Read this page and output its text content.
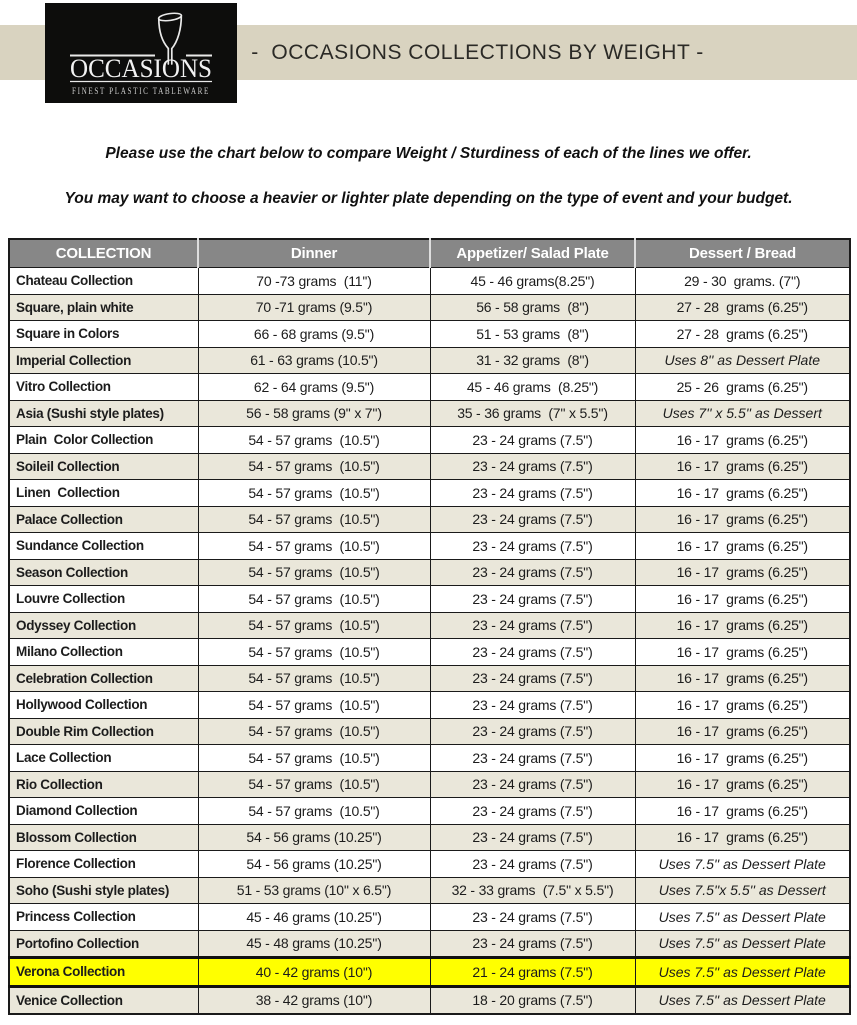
-  OCCASIONS COLLECTIONS BY WEIGHT -
OCCASIONS
FINEST PLASTIC TABLEWARE
Please use the chart below to compare Weight / Sturdiness of each of the lines we offer.
You may want to choose a heavier or lighter plate depending on the type of event and your budget.
COLLECTION	Dinner	Appetizer/ Salad Plate	Dessert / Bread
Chateau Collection	70 -73 grams  (11'')	45 - 46 grams(8.25")	29 - 30  grams. (7'')
Square, plain white	70 -71 grams (9.5'')	56 - 58 grams  (8'')	27 - 28  grams (6.25")
Square in Colors	66 - 68 grams (9.5'')	51 - 53 grams  (8'')	27 - 28  grams (6.25")
Imperial Collection	61 - 63 grams (10.5")	31 - 32 grams  (8'')	Uses 8'' as Dessert Plate
Vitro Collection	62 - 64 grams (9.5'')	45 - 46 grams  (8.25")	25 - 26  grams (6.25")
Asia (Sushi style plates)	56 - 58 grams (9'' x 7'')	35 - 36 grams  (7'' x 5.5'')	Uses 7'' x 5.5'' as Dessert
Plain  Color Collection	54 - 57 grams  (10.5")	23 - 24 grams (7.5'')	16 - 17  grams (6.25")
Soileil Collection	54 - 57 grams  (10.5")	23 - 24 grams (7.5'')	16 - 17  grams (6.25")
Linen  Collection	54 - 57 grams  (10.5")	23 - 24 grams (7.5'')	16 - 17  grams (6.25")
Palace Collection	54 - 57 grams  (10.5")	23 - 24 grams (7.5'')	16 - 17  grams (6.25")
Sundance Collection	54 - 57 grams  (10.5")	23 - 24 grams (7.5'')	16 - 17  grams (6.25")
Season Collection	54 - 57 grams  (10.5")	23 - 24 grams (7.5'')	16 - 17  grams (6.25")
Louvre Collection	54 - 57 grams  (10.5")	23 - 24 grams (7.5'')	16 - 17  grams (6.25")
Odyssey Collection	54 - 57 grams  (10.5")	23 - 24 grams (7.5'')	16 - 17  grams (6.25")
Milano Collection	54 - 57 grams  (10.5")	23 - 24 grams (7.5'')	16 - 17  grams (6.25")
Celebration Collection	54 - 57 grams  (10.5")	23 - 24 grams (7.5'')	16 - 17  grams (6.25")
Hollywood Collection	54 - 57 grams  (10.5")	23 - 24 grams (7.5'')	16 - 17  grams (6.25")
Double Rim Collection	54 - 57 grams  (10.5")	23 - 24 grams (7.5'')	16 - 17  grams (6.25")
Lace Collection	54 - 57 grams  (10.5")	23 - 24 grams (7.5'')	16 - 17  grams (6.25")
Rio Collection	54 - 57 grams  (10.5")	23 - 24 grams (7.5'')	16 - 17  grams (6.25")
Diamond Collection	54 - 57 grams  (10.5")	23 - 24 grams (7.5'')	16 - 17  grams (6.25")
Blossom Collection	54 - 56 grams (10.25")	23 - 24 grams (7.5'')	16 - 17  grams (6.25")
Florence Collection	54 - 56 grams (10.25")	23 - 24 grams (7.5'')	Uses 7.5'' as Dessert Plate
Soho (Sushi style plates)	51 - 53 grams (10'' x 6.5'')	32 - 33 grams  (7.5'' x 5.5'')	Uses 7.5''x 5.5'' as Dessert
Princess Collection	45 - 46 grams (10.25'')	23 - 24 grams (7.5'')	Uses 7.5'' as Dessert Plate
Portofino Collection	45 - 48 grams (10.25'')	23 - 24 grams (7.5'')	Uses 7.5'' as Dessert Plate
Verona Collection	40 - 42 grams (10'')	21 - 24 grams (7.5'')	Uses 7.5'' as Dessert Plate
Venice Collection	38 - 42 grams (10'')	18 - 20 grams (7.5'')	Uses 7.5'' as Dessert Plate
